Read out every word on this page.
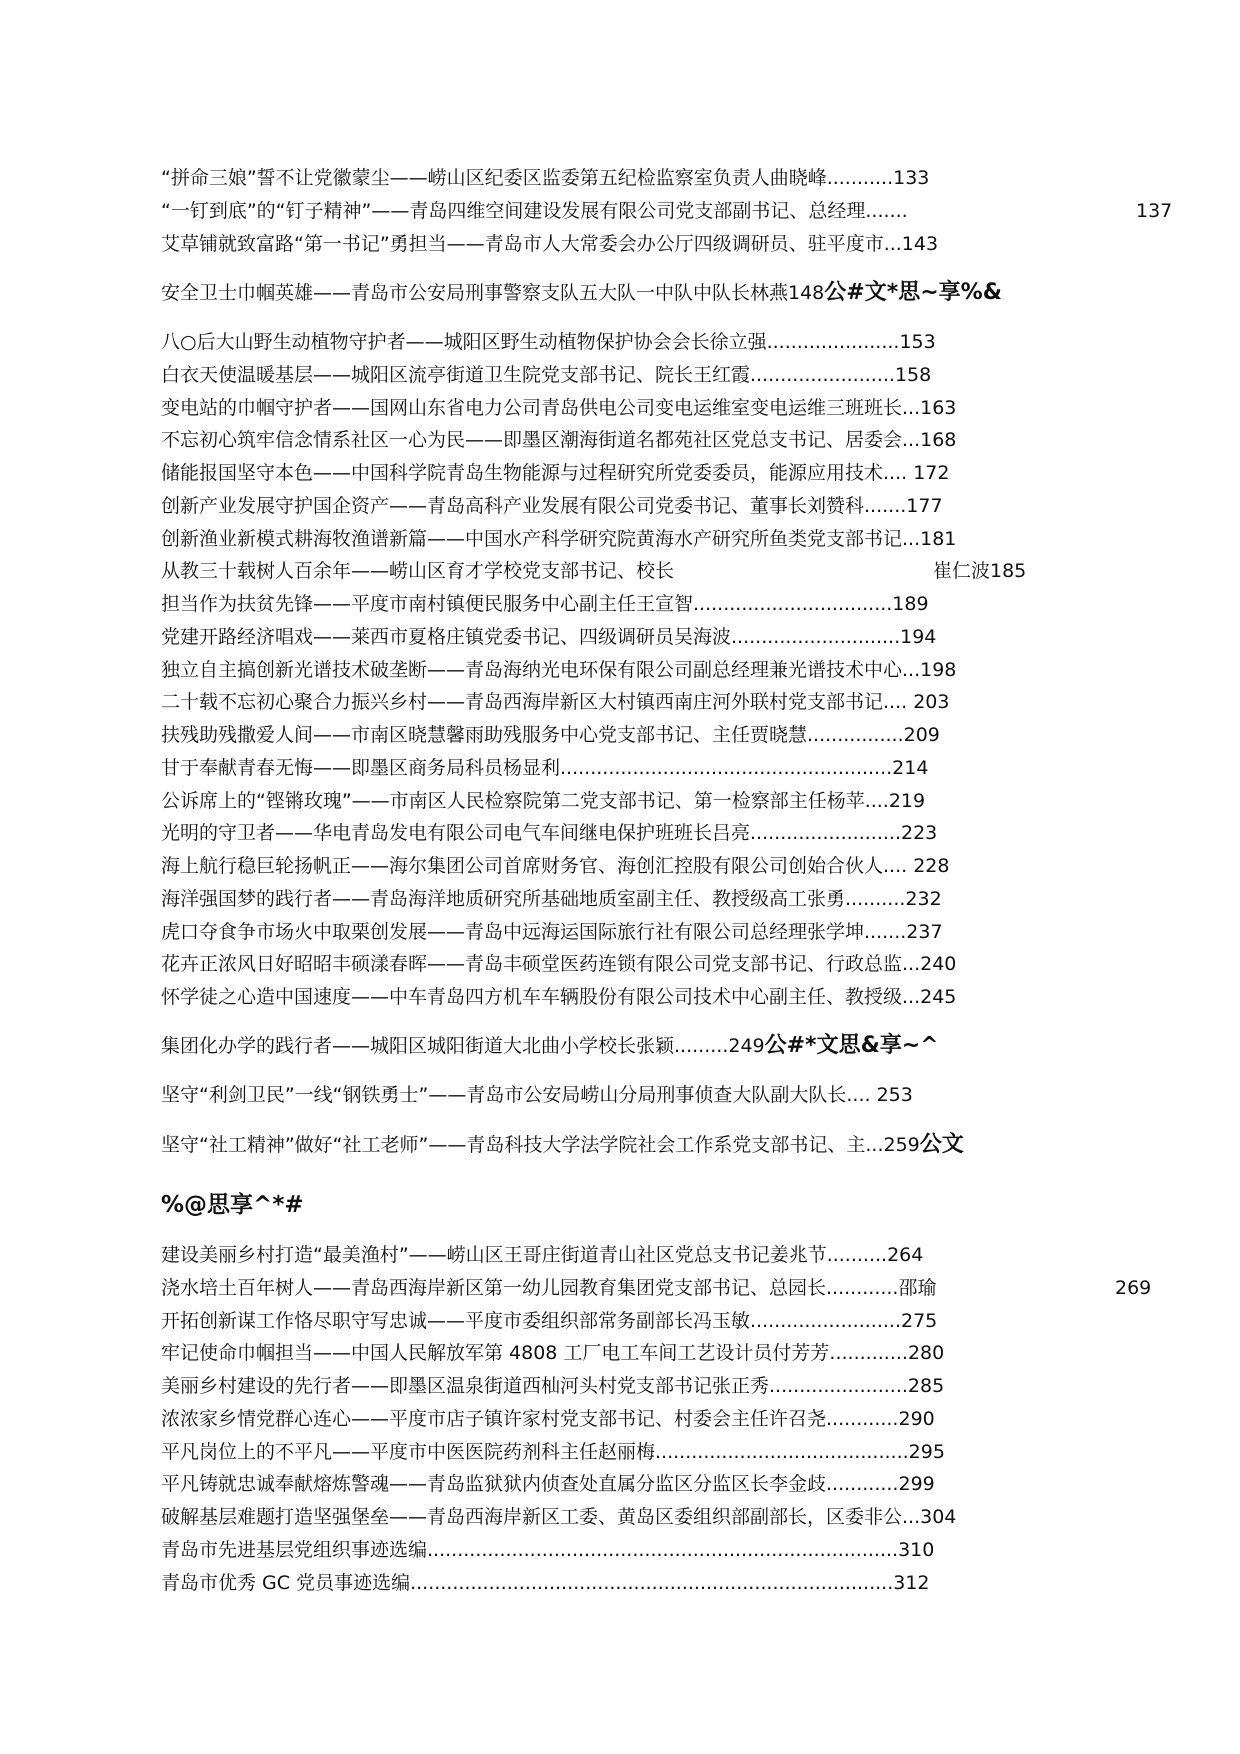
“拼命三娘”誓不让党徽蒙尘——崂山区纪委区监委第五纪检监察室负责人曲晓峰...........133
“一钉到底”的“钉子精神”——青岛四维空间建设发展有限公司党支部副书记、总经理.......	137
艾草铺就致富路“第一书记”勇担当——青岛市人大常委会办公厅四级调研员、驻平度市...143
安全卫士巾帼英雄——青岛市公安局刑事警察支队五大队一中队中队长林燕148公#文*思~享%&
八○后大山野生动植物守护者——城阳区野生动植物保护协会会长徐立强......................153
白衣天使温暖基层——城阳区流亭街道卫生院党支部书记、院长王红霞........................158
变电站的巾帼守护者——国网山东省电力公司青岛供电公司变电运维室变电运维三班班长...163
不忘初心筑牢信念情系社区一心为民——即墨区潮海街道名都苑社区党总支书记、居委会...168
储能报国坚守本色——中国科学院青岛生物能源与过程研究所党委委员，能源应用技术.... 172
创新产业发展守护国企资产——青岛高科产业发展有限公司党委书记、董事长刘赞科.......177
创新渔业新模式耕海牧渔谱新篇——中国水产科学研究院黄海水产研究所鱼类党支部书记...181
从教三十载树人百余年——崂山区育才学校党支部书记、校长	崔仁波185
担当作为扶贫先锋——平度市南村镇便民服务中心副主任王宣智.................................189
党建开路经济唱戏——莱西市夏格庄镇党委书记、四级调研员吴海波............................194
独立自主搞创新光谱技术破垄断——青岛海纳光电环保有限公司副总经理兼光谱技术中心...198
二十载不忘初心聚合力振兴乡村——青岛西海岸新区大村镇西南庄河外联村党支部书记.... 203
扶残助残撒爱人间——市南区晓慧馨雨助残服务中心党支部书记、主任贾晓慧................209
甘于奉献青春无悔——即墨区商务局科员杨显利.......................................................214
公诉席上的“铿锵玫瑰”——市南区人民检察院第二党支部书记、第一检察部主任杨苹....219
光明的守卫者——华电青岛发电有限公司电气车间继电保护班班长吕亮.........................223
海上航行稳巨轮扬帆正——海尔集团公司首席财务官、海创汇控股有限公司创始合伙人.... 228
海洋强国梦的践行者——青岛海洋地质研究所基础地质室副主任、教授级高工张勇..........232
虎口夺食争市场火中取栗创发展——青岛中远海运国际旅行社有限公司总经理张学坤.......237
花卉正浓风日好昭昭丰硕漾春晖——青岛丰硕堂医药连锁有限公司党支部书记、行政总监...240
怀学徒之心造中国速度——中车青岛四方机车车辆股份有限公司技术中心副主任、教授级...245
集团化办学的践行者——城阳区城阳街道大北曲小学校长张颖.........249公#*文思&享~^
坚守“利剑卫民”一线“钢铁勇士”——青岛市公安局崂山分局刑事侦查大队副大队长.... 253
坚守“社工精神”做好“社工老师”——青岛科技大学法学院社会工作系党支部书记、主...259公文
%@思享^*#
建设美丽乡村打造“最美渔村”——崂山区王哥庄街道青山社区党总支书记姜兆节..........264
浇水培土百年树人——青岛西海岸新区第一幼儿园教育集团党支部书记、总园长............邵瑜	269
开拓创新谋工作恪尽职守写忠诚——平度市委组织部常务副部长冯玉敏.........................275
牢记使命巾帼担当——中国人民解放军第 4808 工厂电工车间工艺设计员付芳芳.............280
美丽乡村建设的先行者——即墨区温泉街道西杣河头村党支部书记张正秀.......................285
浓浓家乡情党群心连心——平度市店子镇许家村党支部书记、村委会主任许召尧............290
平凡岗位上的不平凡——平度市中医医院药剂科主任赵丽梅..........................................295
平凡铸就忠诚奉献熔炼警魂——青岛监狱狱内侦查处直属分监区分监区长李金歧............299
破解基层难题打造坚强堡垒——青岛西海岸新区工委、黄岛区委组织部副部长，区委非公...304
青岛市先进基层党组织事迹选编..............................................................................310
青岛市优秀 GC 党员事迹选编................................................................................312
